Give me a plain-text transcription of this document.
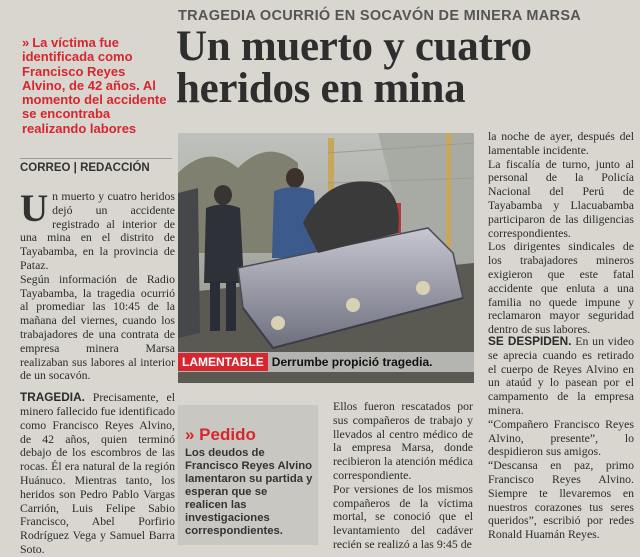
TRAGEDIA OCURRIÓ EN SOCAVÓN DE MINERA MARSA
Un muerto y cuatro
heridos en mina
» La víctima fue identificada como Francisco Reyes Alvino, de 42 años. Al momento del accidente se encontraba realizando labores
CORREO | REDACCIÓN
U n muerto y cuatro heridos dejó un accidente registrado al interior de una mina en el distrito de Tayabamba, en la provincia de Pataz.

Según información de Radio Tayabamba, la tragedia ocurrió al promediar las 10:45 de la mañana del viernes, cuando los trabajadores de una contrata de empresa minera Marsa realizaban sus labores al interior de un socavón.

TRAGEDIA. Precisamente, el minero fallecido fue identificado como Francisco Reyes Alvino, de 42 años, quien terminó debajo de los escombros de las rocas. Él era natural de la región Huánuco. Mientras tanto, los heridos son Pedro Pablo Vargas Carrión, Luis Felipe Sabio Francisco, Abel Porfirio Rodríguez Vega y Samuel Barra Soto.

LAMENTABLE Derrumbe propició tragedia.
» Pedido
Los deudos de Francisco Reyes Alvino lamentaron su partida y esperan que se realicen las investigaciones correspondientes.

Ellos fueron rescatados por sus compañeros de trabajo y llevados al centro médico de la empresa Marsa, donde recibieron la atención médica correspondiente.

Por versiones de los mismos compañeros de la víctima mortal, se conoció que el levantamiento del cadáver recién se realizó a las 9:45 de

la noche de ayer, después del lamentable incidente.

La fiscalía de turno, junto al personal de la Policía Nacional del Perú de Tayabamba y Llacuabamba participaron de las diligencias correspondientes.

Los dirigentes sindicales de los trabajadores mineros exigieron que este fatal accidente que enluta a una familia no quede impune y reclamaron mayor seguridad dentro de sus labores.

SE DESPIDEN. En un video se aprecia cuando es retirado el cuerpo de Reyes Alvino en un ataúd y lo pasean por el campamento de la empresa minera.

“Compañero Francisco Reyes Alvino, presente”, lo despidieron sus amigos.

“Descansa en paz, primo Francisco Reyes Alvino. Siempre te llevaremos en nuestros corazones tus seres queridos”, escribió por redes Ronald Huamán Reyes.
